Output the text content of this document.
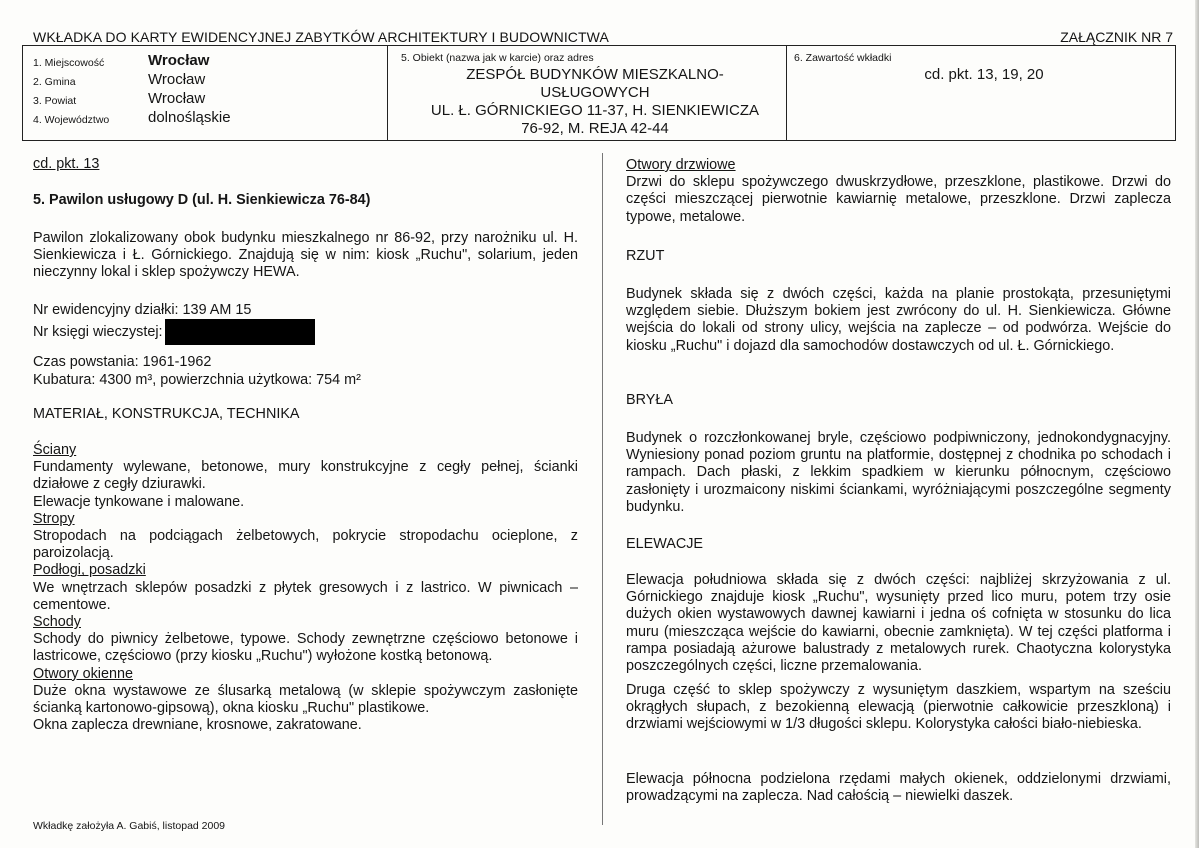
WKŁADKA DO KARTY EWIDENCYJNEJ ZABYTKÓW ARCHITEKTURY I BUDOWNICTWA	ZAŁĄCZNIK NR 7
1. Miejscowość
2. Gmina
3. Powiat
4. Województwo
Wrocław
Wrocław
Wrocław
dolnośląskie
5. Obiekt (nazwa jak w karcie) oraz adres
ZESPÓŁ BUDYNKÓW MIESZKALNO-
USŁUGOWYCH
UL. Ł. GÓRNICKIEGO 11-37, H. SIENKIEWICZA
76-92, M. REJA 42-44
6. Zawartość wkładki
cd. pkt. 13, 19, 20
cd. pkt. 13
5. Pawilon usługowy D (ul. H. Sienkiewicza 76-84)
Pawilon zlokalizowany obok budynku mieszkalnego nr 86-92, przy narożniku ul. H. Sienkiewicza i Ł. Górnickiego. Znajdują się w nim: kiosk „Ruchu", solarium, jeden nieczynny lokal i sklep spożywczy HEWA.
Nr ewidencyjny działki: 139 AM 15
Nr księgi wieczystej:
Czas powstania: 1961-1962
Kubatura: 4300 m³, powierzchnia użytkowa: 754 m²
MATERIAŁ, KONSTRUKCJA, TECHNIKA
Ściany
Fundamenty wylewane, betonowe, mury konstrukcyjne z cegły pełnej, ścianki działowe z cegły dziurawki.
Elewacje tynkowane i malowane.
Stropy
Stropodach na podciągach żelbetowych, pokrycie stropodachu ocieplone, z paroizolacją.
Podłogi, posadzki
We wnętrzach sklepów posadzki z płytek gresowych i z lastrico. W piwnicach – cementowe.
Schody
Schody do piwnicy żelbetowe, typowe. Schody zewnętrzne częściowo betonowe i lastricowe, częściowo (przy kiosku „Ruchu") wyłożone kostką betonową.
Otwory okienne
Duże okna wystawowe ze ślusarką metalową (w sklepie spożywczym zasłonięte ścianką kartonowo-gipsową), okna kiosku „Ruchu" plastikowe.
Okna zaplecza drewniane, krosnowe, zakratowane.
Otwory drzwiowe
Drzwi do sklepu spożywczego dwuskrzydłowe, przeszklone, plastikowe. Drzwi do części mieszczącej pierwotnie kawiarnię metalowe, przeszklone. Drzwi zaplecza typowe, metalowe.
RZUT
Budynek składa się z dwóch części, każda na planie prostokąta, przesuniętymi względem siebie. Dłuższym bokiem jest zwrócony do ul. H. Sienkiewicza. Główne wejścia do lokali od strony ulicy, wejścia na zaplecze – od podwórza. Wejście do kiosku „Ruchu" i dojazd dla samochodów dostawczych od ul. Ł. Górnickiego.
BRYŁA
Budynek o rozczłonkowanej bryle, częściowo podpiwniczony, jednokondygnacyjny. Wyniesiony ponad poziom gruntu na platformie, dostępnej z chodnika po schodach i rampach. Dach płaski, z lekkim spadkiem w kierunku północnym, częściowo zasłonięty i urozmaicony niskimi ściankami, wyróżniającymi poszczególne segmenty budynku.
ELEWACJE
Elewacja południowa składa się z dwóch części: najbliżej skrzyżowania z ul. Górnickiego znajduje kiosk „Ruchu", wysunięty przed lico muru, potem trzy osie dużych okien wystawowych dawnej kawiarni i jedna oś cofnięta w stosunku do lica muru (mieszcząca wejście do kawiarni, obecnie zamknięta). W tej części platforma i rampa posiadają ażurowe balustrady z metalowych rurek. Chaotyczna kolorystyka poszczególnych części, liczne przemalowania.
Druga część to sklep spożywczy z wysuniętym daszkiem, wspartym na sześciu okrągłych słupach, z bezokienną elewacją (pierwotnie całkowicie przeszkloną) i drzwiami wejściowymi w 1/3 długości sklepu. Kolorystyka całości biało-niebieska.
Elewacja północna podzielona rzędami małych okienek, oddzielonymi drzwiami, prowadzącymi na zaplecza. Nad całością – niewielki daszek.
Wkładkę założyła A. Gabiś, listopad 2009
